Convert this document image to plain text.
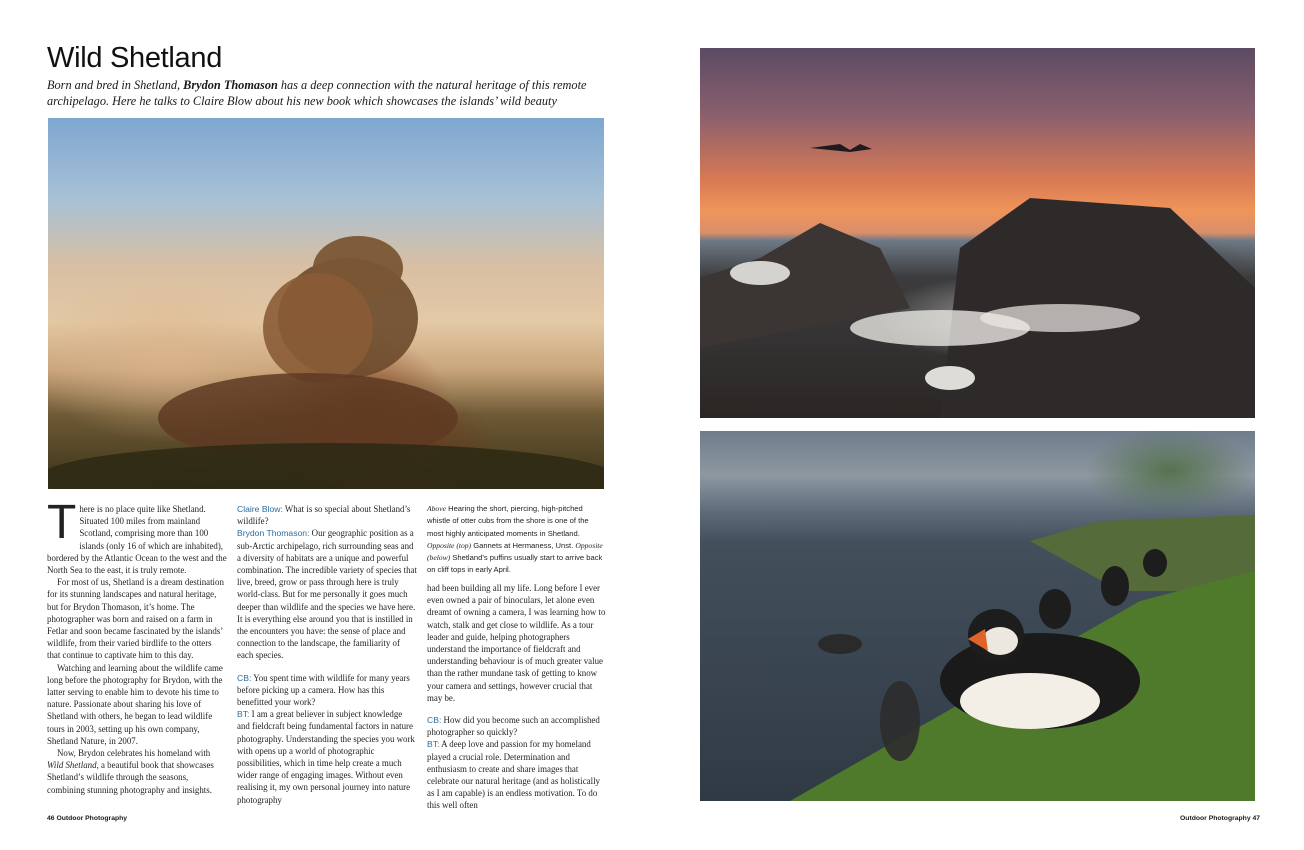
Wild Shetland
Born and bred in Shetland, Brydon Thomason has a deep connection with the natural heritage of this remote archipelago. Here he talks to Claire Blow about his new book which showcases the islands’ wild beauty

There is no place quite like Shetland. Situated 100 miles from mainland Scotland, comprising more than 100 islands (only 16 of which are inhabited), bordered by the Atlantic Ocean to the west and the North Sea to the east, it is truly remote.

For most of us, Shetland is a dream destination for its stunning landscapes and natural heritage, but for Brydon Thomason, it’s home. The photographer was born and raised on a farm in Fetlar and soon became fascinated by the islands’ wildlife, from their varied birdlife to the otters that continue to captivate him to this day.

Watching and learning about the wildlife came long before the photography for Brydon, with the latter serving to enable him to devote his time to nature. Passionate about sharing his love of Shetland with others, he began to lead wildlife tours in 2003, setting up his own company, Shetland Nature, in 2007.

Now, Brydon celebrates his homeland with Wild Shetland, a beautiful book that showcases Shetland’s wildlife through the seasons, combining stunning photography and insights.

Claire Blow: What is so special about Shetland’s wildlife?

Brydon Thomason: Our geographic position as a sub-Arctic archipelago, rich surrounding seas and a diversity of habitats are a unique and powerful combination. The incredible variety of species that live, breed, grow or pass through here is truly world-class. But for me personally it goes much deeper than wildlife and the species we have here. It is everything else around you that is instilled in the encounters you have: the sense of place and connection to the landscape, the familiarity of each species.

CB: You spent time with wildlife for many years before picking up a camera. How has this benefitted your work?

BT: I am a great believer in subject knowledge and fieldcraft being fundamental factors in nature photography. Understanding the species you work with opens up a world of photographic possibilities, which in time help create a much wider range of engaging images. Without even realising it, my own personal journey into nature photography

Above Hearing the short, piercing, high-pitched whistle of otter cubs from the shore is one of the most highly anticipated moments in Shetland. Opposite (top) Gannets at Hermaness, Unst. Opposite (below) Shetland’s puffins usually start to arrive back on cliff tops in early April.

had been building all my life. Long before I ever even owned a pair of binoculars, let alone even dreamt of owning a camera, I was learning how to watch, stalk and get close to wildlife. As a tour leader and guide, helping photographers understand the importance of fieldcraft and understanding behaviour is of much greater value than the rather mundane task of getting to know your camera and settings, however crucial that may be.

CB: How did you become such an accomplished photographer so quickly?

BT: A deep love and passion for my homeland played a crucial role. Determination and enthusiasm to create and share images that celebrate our natural heritage (and as holistically as I am capable) is an endless motivation. To do this well often

46 Outdoor Photography	Outdoor Photography 47
